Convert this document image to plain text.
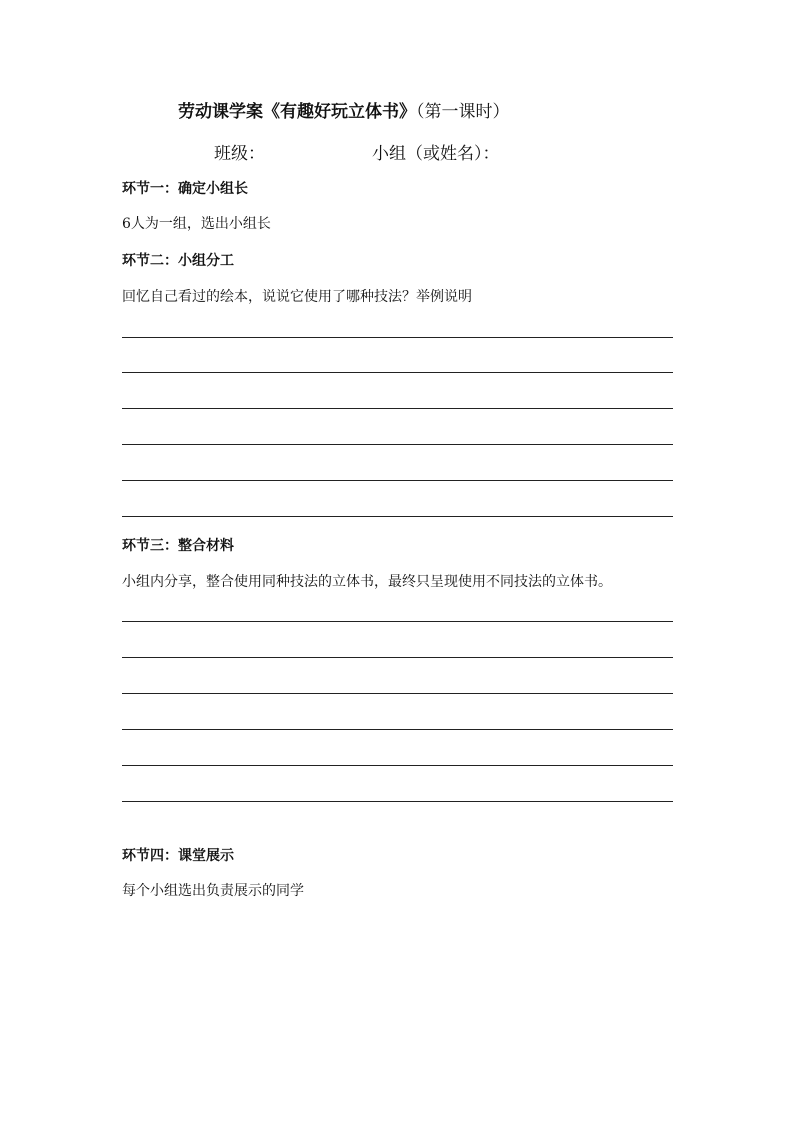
劳动课学案《有趣好玩立体书》（第一课时）
班级：	小组（或姓名）：
环节一：确定小组长
6人为一组，选出小组长
环节二：小组分工
回忆自己看过的绘本，说说它使用了哪种技法？举例说明
环节三：整合材料
小组内分享，整合使用同种技法的立体书，最终只呈现使用不同技法的立体书。
环节四：课堂展示
每个小组选出负责展示的同学
